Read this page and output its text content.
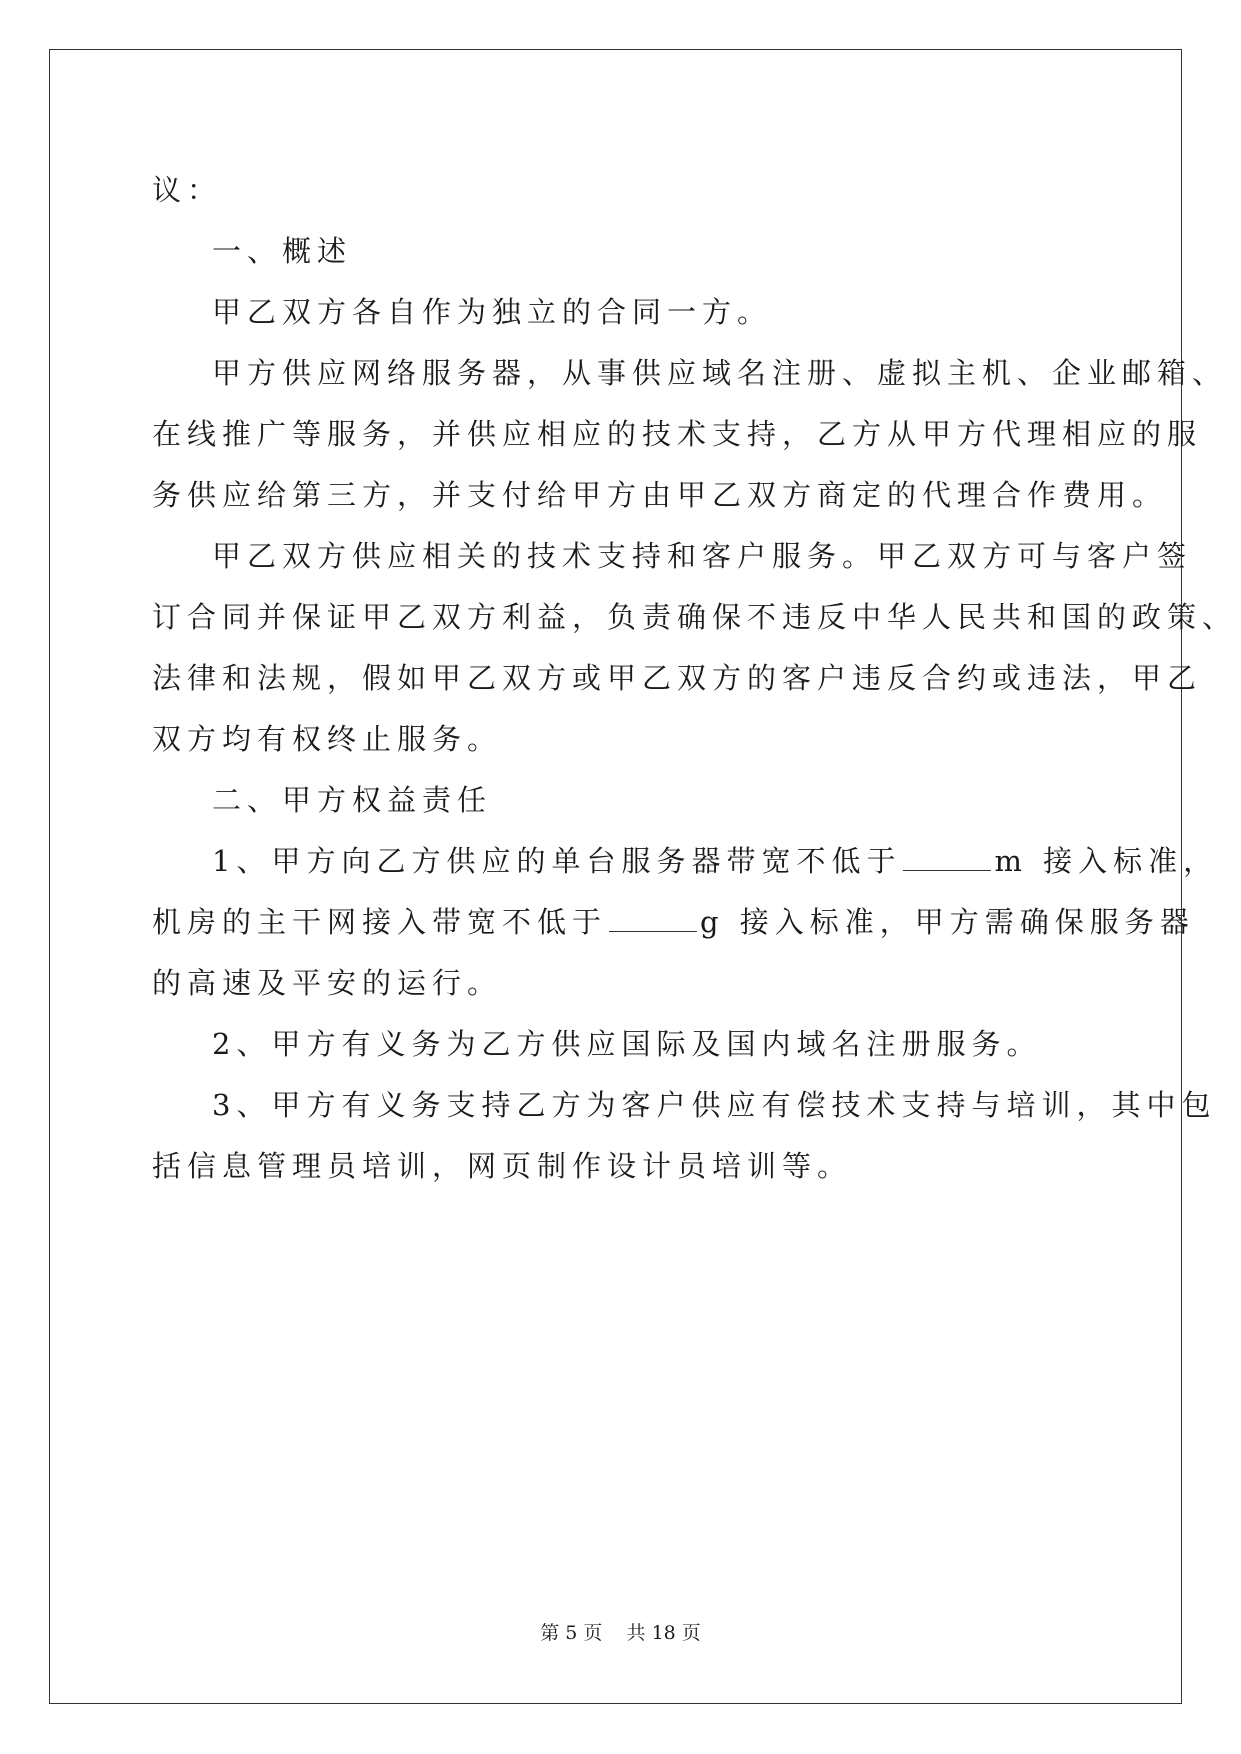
议：
一、概述
甲乙双方各自作为独立的合同一方。
甲方供应网络服务器，从事供应域名注册、虚拟主机、企业邮箱、
在线推广等服务，并供应相应的技术支持，乙方从甲方代理相应的服
务供应给第三方，并支付给甲方由甲乙双方商定的代理合作费用。
甲乙双方供应相关的技术支持和客户服务。甲乙双方可与客户签
订合同并保证甲乙双方利益，负责确保不违反中华人民共和国的政策、
法律和法规，假如甲乙双方或甲乙双方的客户违反合约或违法，甲乙
双方均有权终止服务。
二、甲方权益责任
1、甲方向乙方供应的单台服务器带宽不低于	m 接入标准，
机房的主干网接入带宽不低于	g 接入标准，甲方需确保服务器
的高速及平安的运行。
2、甲方有义务为乙方供应国际及国内域名注册服务。
3、甲方有义务支持乙方为客户供应有偿技术支持与培训，其中包
括信息管理员培训，网页制作设计员培训等。
第 5 页    共 18 页
